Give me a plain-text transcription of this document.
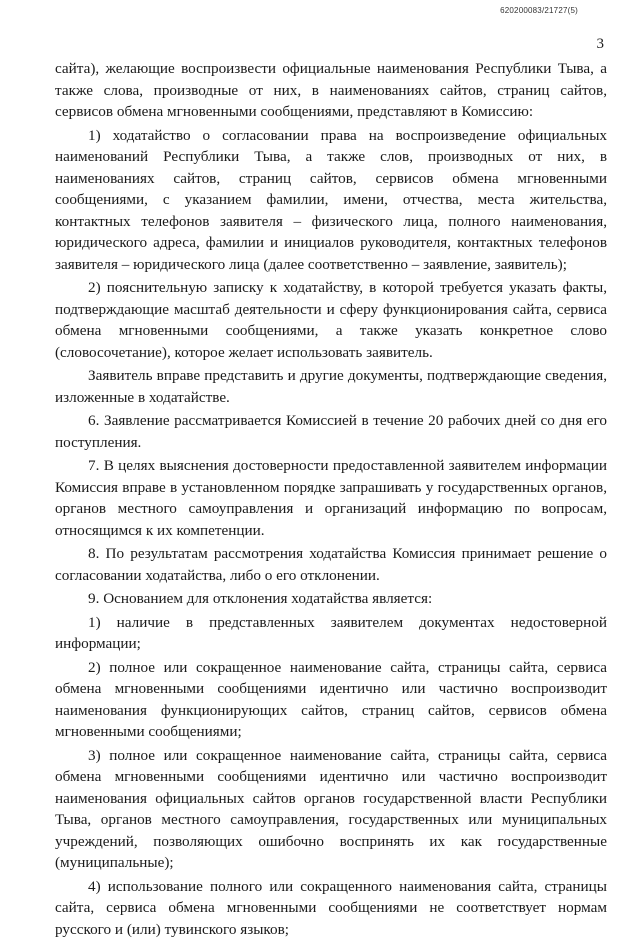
620200083/21727(5)
3

сайта), желающие воспроизвести официальные наименования Республики Тыва, а также слова, производные от них, в наименованиях сайтов, страниц сайтов, сервисов обмена мгновенными сообщениями, представляют в Комиссию:

1) ходатайство о согласовании права на воспроизведение официальных наименований Республики Тыва, а также слов, производных от них, в наименованиях сайтов, страниц сайтов, сервисов обмена мгновенными сообщениями, с указанием фамилии, имени, отчества, места жительства, контактных телефонов заявителя – физического лица, полного наименования, юридического адреса, фамилии и инициалов руководителя, контактных телефонов заявителя – юридического лица (далее соответственно – заявление, заявитель);

2) пояснительную записку к ходатайству, в которой требуется указать факты, подтверждающие масштаб деятельности и сферу функционирования сайта, сервиса обмена мгновенными сообщениями, а также указать конкретное слово (словосочетание), которое желает использовать заявитель.

Заявитель вправе представить и другие документы, подтверждающие сведения, изложенные в ходатайстве.

6. Заявление рассматривается Комиссией в течение 20 рабочих дней со дня его поступления.

7. В целях выяснения достоверности предоставленной заявителем информации Комиссия вправе в установленном порядке запрашивать у государственных органов, органов местного самоуправления и организаций информацию по вопросам, относящимся к их компетенции.

8. По результатам рассмотрения ходатайства Комиссия принимает решение о согласовании ходатайства, либо о его отклонении.

9. Основанием для отклонения ходатайства является:

1) наличие в представленных заявителем документах недостоверной информации;

2) полное или сокращенное наименование сайта, страницы сайта, сервиса обмена мгновенными сообщениями идентично или частично воспроизводит наименования функционирующих сайтов, страниц сайтов, сервисов обмена мгновенными сообщениями;

3) полное или сокращенное наименование сайта, страницы сайта, сервиса обмена мгновенными сообщениями идентично или частично воспроизводит наименования официальных сайтов органов государственной власти Республики Тыва, органов местного самоуправления, государственных или муниципальных учреждений, позволяющих ошибочно воспринять их как государственные (муниципальные);

4) использование полного или сокращенного наименования сайта, страницы сайта, сервиса обмена мгновенными сообщениями не соответствует нормам русского и (или) тувинского языков;
